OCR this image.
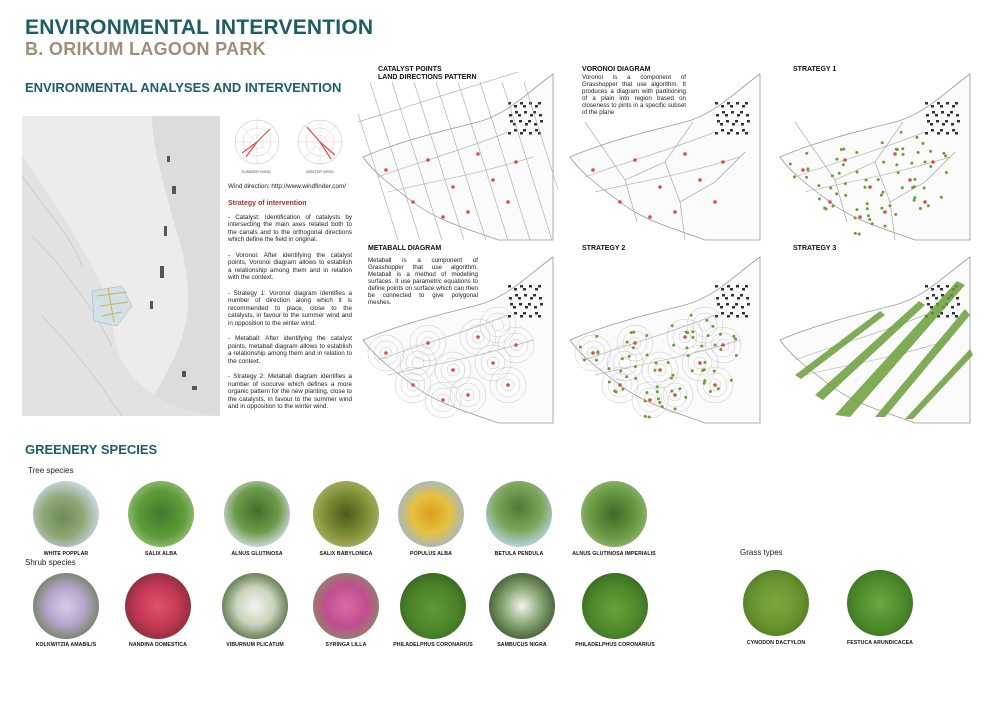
ENVIRONMENTAL INTERVENTION
B. ORIKUM LAGOON PARK
ENVIRONMENTAL ANALYSES AND INTERVENTION
SUMMER WIND	WINTER WIND
Wind direction: http://www.windfinder.com/
Strategy of intervention

- Catalyst: Identification of catalysts by intersecting the main axes related both to the canals and to the orthogonal directions which define the field in original.

- Voronoi: After identifying the catalyst points, Voronoi diagram allows to establish a relationship among them and in relation with the context.

- Strategy 1: Voronoi diagram identifies a number of direction along which it is recommended to place, close to the catalysts, in favour to the summer wind and in opposition to the winter wind.

- Metaball: After identifying the catalyst points, metaball diagram allows to establish a relationship among them and in relation to the context.

- Strategy 2: Metaball diagram identifies a number of isocurve which defines a more organic pattern for the new planting, close to the catalysts, in favour to the summer wind and in opposition to the winter wind.

CATALYST POINTS
LAND DIRECTIONS PATTERN
VORONOI DIAGRAM
Voronoi is a component of Grasshopper that use algorithm. It produces a diagram with partitioning of a plain into region based on closeness to pints in a specific subset of the plane
STRATEGY 1
METABALL DIAGRAM
Metaball is a component of Grasshopper that use algorithm. Metaball is a method of modelling surfaces. It use parametric equations to define points on surface which can then be connected to give polygonal meshes.
STRATEGY 2	STRATEGY 3
GREENERY SPECIES
Tree species
Shrub species
Grass types
WHITE POPPLAR	SALIX ALBA	ALNUS GLUTINOSA	SALIX BABYLONICA	POPULUS ALBA	BETULA PENDULA	ALNUS GLUTINOSA IMPERIALIS
KOLKWITZIA AMABILIS	NANDINA DOMESTICA	VIBURNUM PLICATUM	SYRINGA LILLA	PHILADELPHUS CORONARIUS	SAMBUCUS NIGRA	PHILADELPHUS CORONARIUS	CYNODON DACTYLON	FESTUCA ARUNDICACEA
